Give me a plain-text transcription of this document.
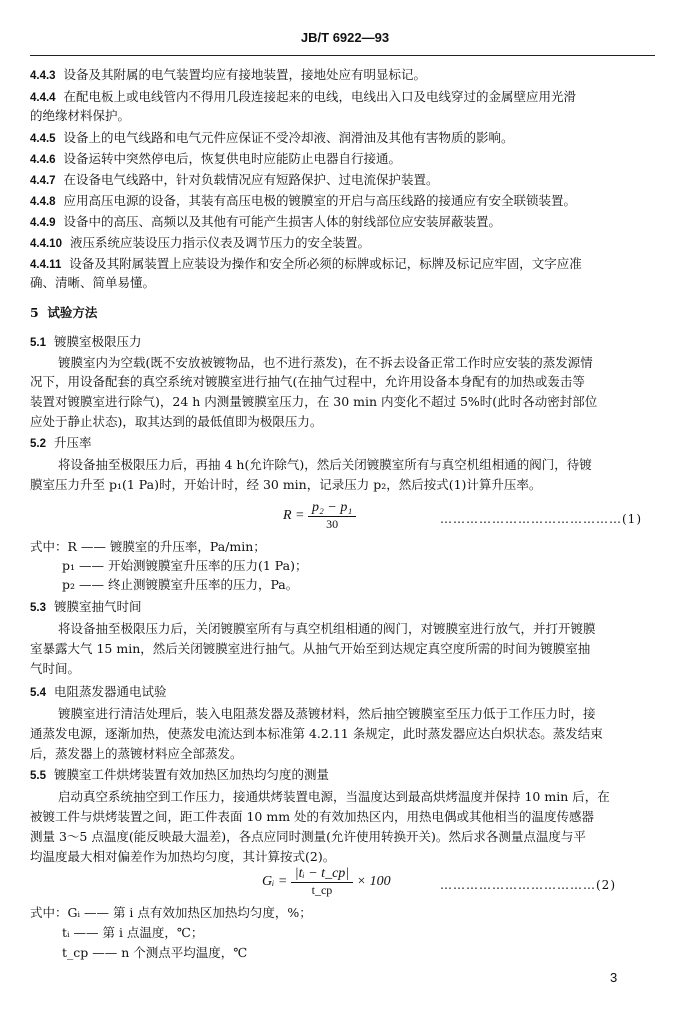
JB/T 6922—93
4.4.3 设备及其附属的电气装置均应有接地装置，接地处应有明显标记。
4.4.4 在配电板上或电线管内不得用几段连接起来的电线，电线出入口及电线穿过的金属壁应用光滑
的绝缘材料保护。
4.4.5 设备上的电气线路和电气元件应保证不受冷却液、润滑油及其他有害物质的影响。
4.4.6 设备运转中突然停电后，恢复供电时应能防止电器自行接通。
4.4.7 在设备电气线路中，针对负载情况应有短路保护、过电流保护装置。
4.4.8 应用高压电源的设备，其装有高压电极的镀膜室的开启与高压线路的接通应有安全联锁装置。
4.4.9 设备中的高压、高频以及其他有可能产生损害人体的射线部位应安装屏蔽装置。
4.4.10 液压系统应装设压力指示仪表及调节压力的安全装置。
4.4.11 设备及其附属装置上应装设为操作和安全所必须的标牌或标记，标牌及标记应牢固，文字应准
确、清晰、简单易懂。
5 试验方法
5.1 镀膜室极限压力
镀膜室内为空载(既不安放被镀物品，也不进行蒸发)，在不拆去设备正常工作时应安装的蒸发源情
况下，用设备配套的真空系统对镀膜室进行抽气(在抽气过程中，允许用设备本身配有的加热或轰击等
装置对镀膜室进行除气)，24 h 内测量镀膜室压力，在 30 min 内变化不超过 5%时(此时各动密封部位
应处于静止状态)，取其达到的最低值即为极限压力。
5.2 升压率
将设备抽至极限压力后，再抽 4 h(允许除气)，然后关闭镀膜室所有与真空机组相通的阀门，待镀
膜室压力升至 p₁(1 Pa)时，开始计时，经 30 min，记录压力 p₂，然后按式(1)计算升压率。
$R = \frac{\text{p₂ − p₁}}{30}$	……………………………………(1)
式中：R —— 镀膜室的升压率，Pa/min；
p₁ —— 开始测镀膜室升压率的压力(1 Pa)；
p₂ —— 终止测镀膜室升压率的压力，Pa。
5.3 镀膜室抽气时间
将设备抽至极限压力后，关闭镀膜室所有与真空机组相通的阀门，对镀膜室进行放气，并打开镀膜
室暴露大气 15 min，然后关闭镀膜室进行抽气。从抽气开始至到达规定真空度所需的时间为镀膜室抽
气时间。
5.4 电阻蒸发器通电试验
镀膜室进行清洁处理后，装入电阻蒸发器及蒸镀材料，然后抽空镀膜室至压力低于工作压力时，接
通蒸发电源，逐渐加热，使蒸发电流达到本标准第 4.2.11 条规定，此时蒸发器应达白炽状态。蒸发结束
后，蒸发器上的蒸镀材料应全部蒸发。
5.5 镀膜室工件烘烤装置有效加热区加热均匀度的测量
启动真空系统抽空到工作压力，接通烘烤装置电源，当温度达到最高烘烤温度并保持 10 min 后，在
被镀工件与烘烤装置之间，距工件表面 10 mm 处的有效加热区内，用热电偶或其他相当的温度传感器
测量 3～5 点温度(能反映最大温差)，各点应同时测量(允许使用转换开关)。然后求各测量点温度与平
均温度最大相对偏差作为加热均匀度，其计算按式(2)。
Gᵢ = $\frac{\text{|tᵢ − t\_cp|}}{t\_cp} \times 100$	………………………………(2)
式中：Gᵢ —— 第 i 点有效加热区加热均匀度，%；
tᵢ —— 第 i 点温度，℃；
t_cp —— n 个测点平均温度，℃
3
